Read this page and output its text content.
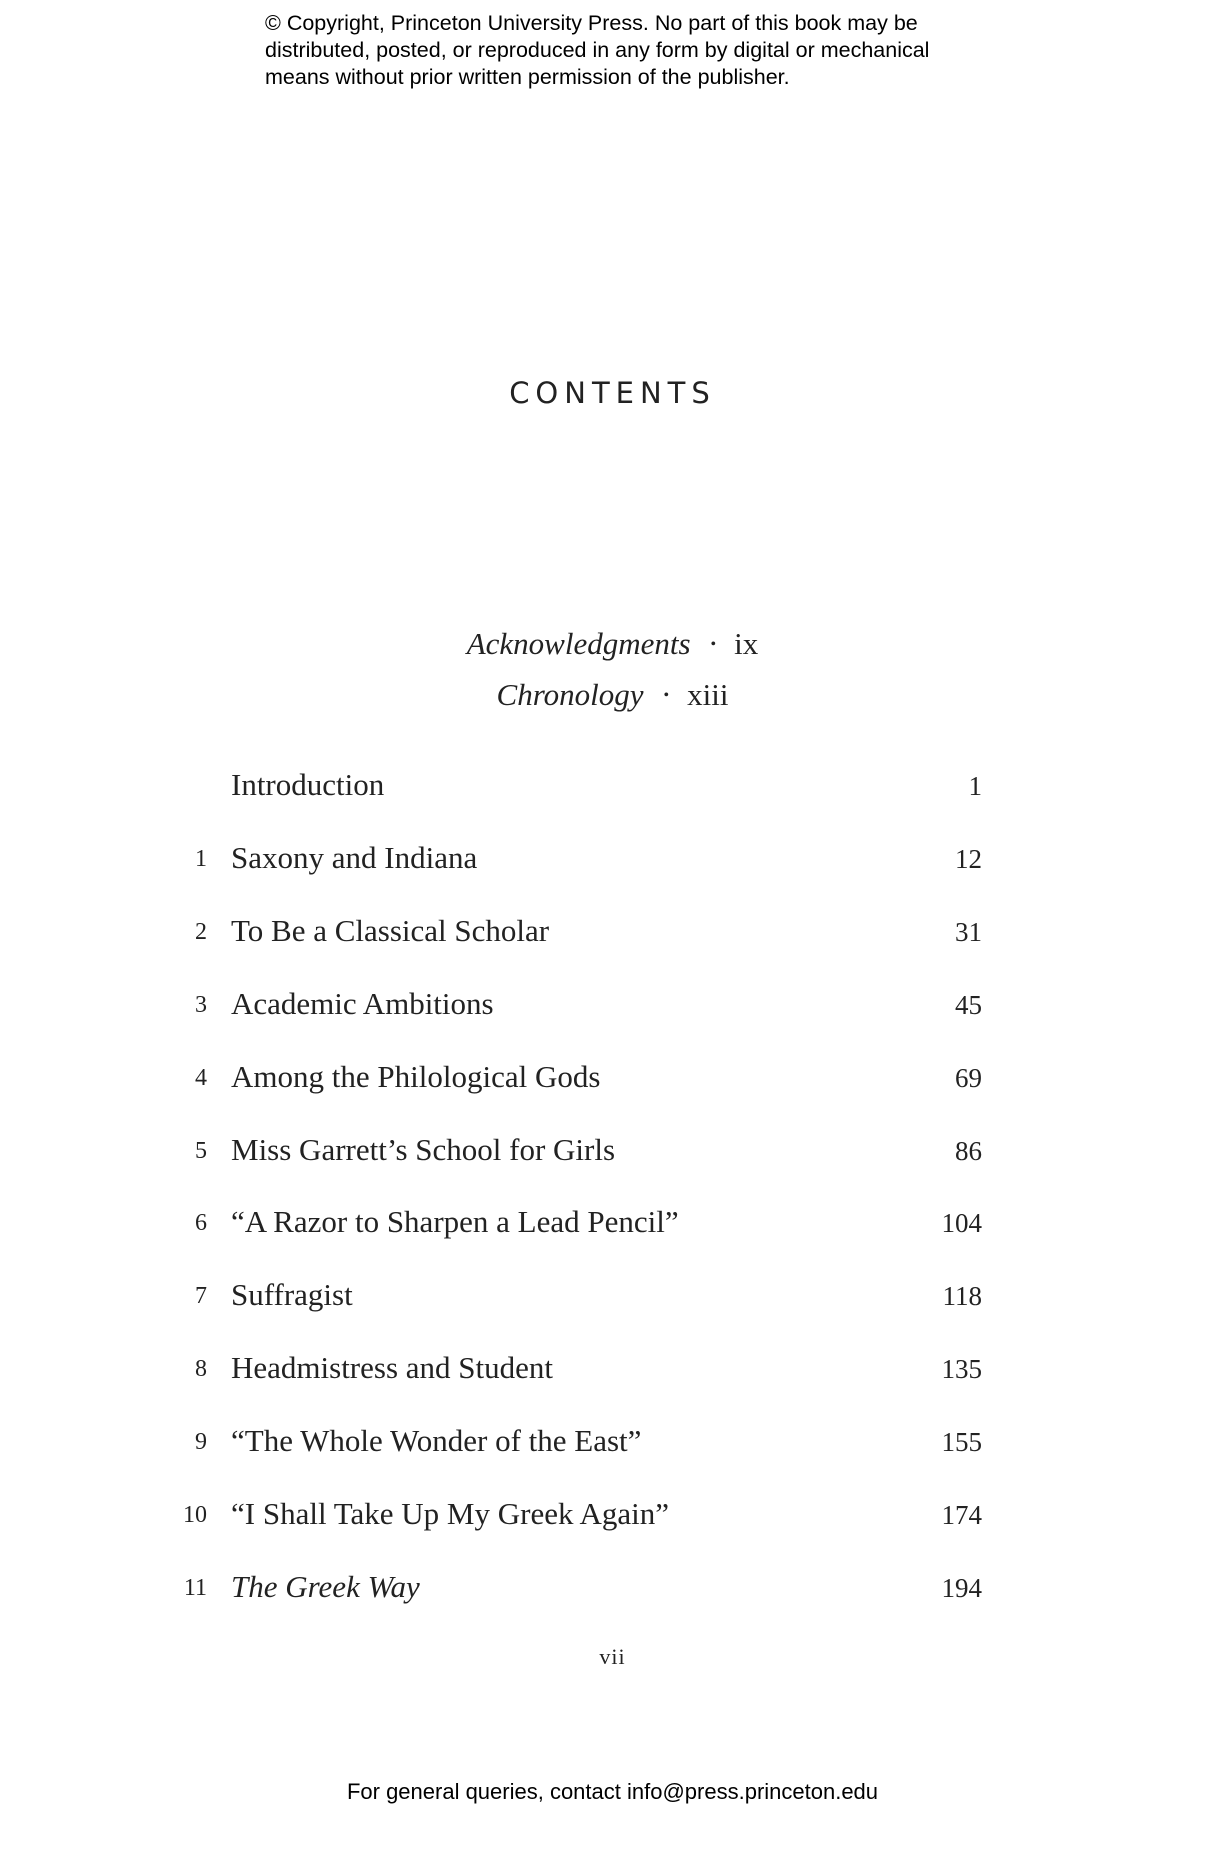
© Copyright, Princeton University Press. No part of this book may be
distributed, posted, or reproduced in any form by digital or mechanical
means without prior written permission of the publisher.
CONTENTS
Acknowledgments • ix
Chronology • xiii
Introduction	1
1 Saxony and Indiana	12
2 To Be a Classical Scholar	31
3 Academic Ambitions	45
4 Among the Philological Gods	69
5 Miss Garrett’s School for Girls	86
6 “A Razor to Sharpen a Lead Pencil”	104
7 Suffragist	118
8 Headmistress and Student	135
9 “The Whole Wonder of the East”	155
10 “I Shall Take Up My Greek Again”	174
11 The Greek Way	194
vii
For general queries, contact info@press.princeton.edu
